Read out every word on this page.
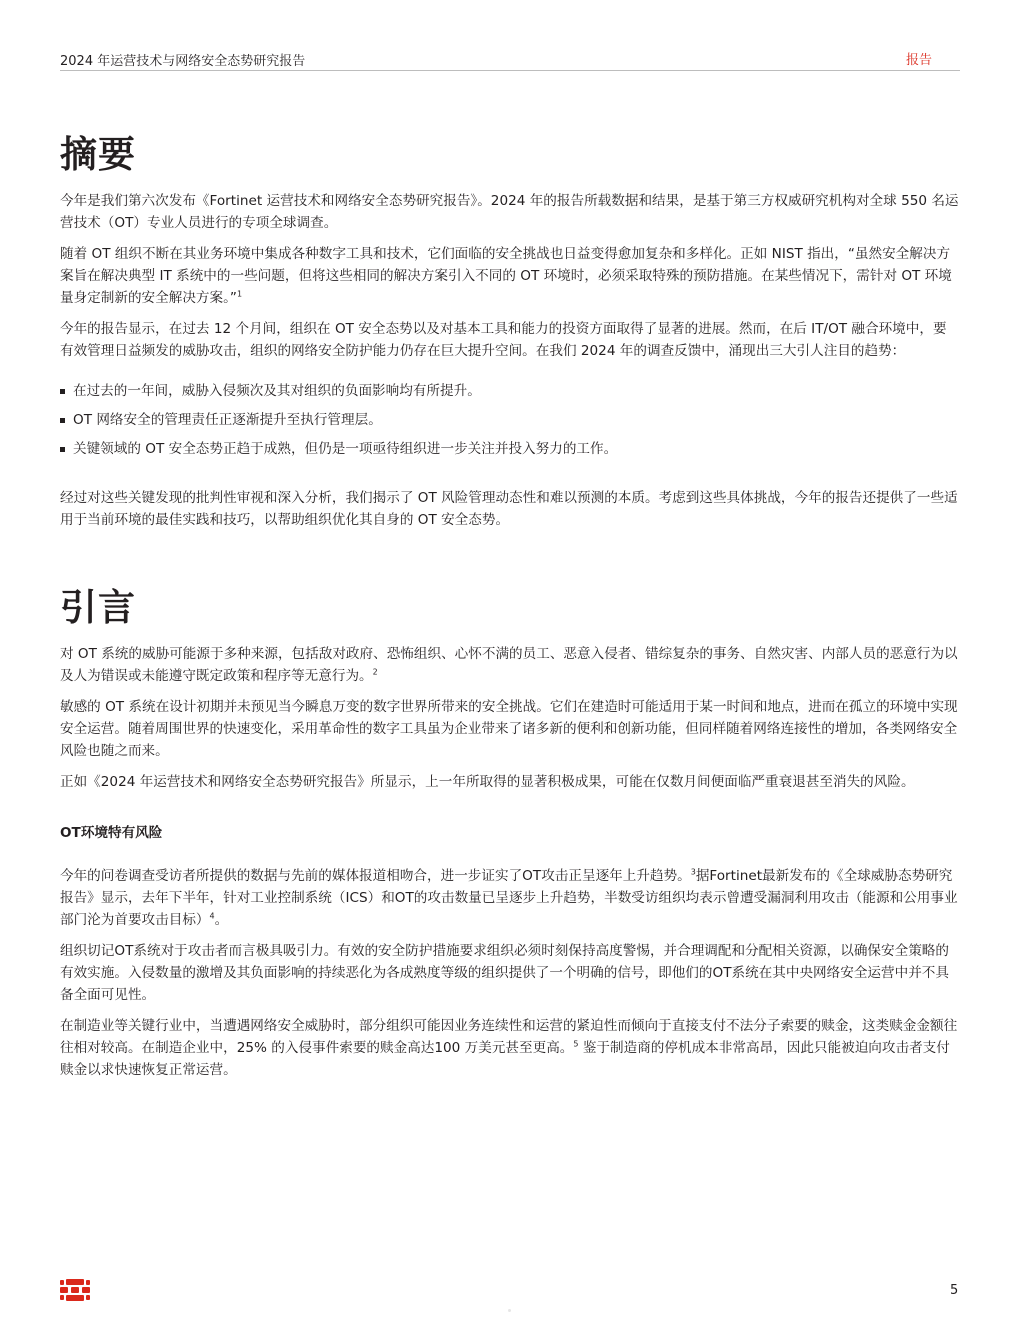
2024 年运营技术与网络安全态势研究报告	报告
摘要

今年是我们第六次发布《Fortinet 运营技术和网络安全态势研究报告》。2024 年的报告所载数据和结果，是基于第三方权威研究机构对全球 550 名运营技术（OT）专业人员进行的专项全球调查。

随着 OT 组织不断在其业务环境中集成各种数字工具和技术，它们面临的安全挑战也日益变得愈加复杂和多样化。正如 NIST 指出，“虽然安全解决方案旨在解决典型 IT 系统中的一些问题，但将这些相同的解决方案引入不同的 OT 环境时，必须采取特殊的预防措施。在某些情况下，需针对 OT 环境量身定制新的安全解决方案。”$^1$

今年的报告显示，在过去 12 个月间，组织在 OT 安全态势以及对基本工具和能力的投资方面取得了显著的进展。然而，在后 IT/OT 融合环境中，要有效管理日益频发的威胁攻击，组织的网络安全防护能力仍存在巨大提升空间。在我们 2024 年的调查反馈中，涌现出三大引人注目的趋势：

在过去的一年间，威胁入侵频次及其对组织的负面影响均有所提升。
OT 网络安全的管理责任正逐渐提升至执行管理层。
关键领域的 OT 安全态势正趋于成熟，但仍是一项亟待组织进一步关注并投入努力的工作。

经过对这些关键发现的批判性审视和深入分析，我们揭示了 OT 风险管理动态性和难以预测的本质。考虑到这些具体挑战，今年的报告还提供了一些适用于当前环境的最佳实践和技巧，以帮助组织优化其自身的 OT 安全态势。

引言

对 OT 系统的威胁可能源于多种来源，包括敌对政府、恐怖组织、心怀不满的员工、恶意入侵者、错综复杂的事务、自然灾害、内部人员的恶意行为以及人为错误或未能遵守既定政策和程序等无意行为。$^2$

敏感的 OT 系统在设计初期并未预见当今瞬息万变的数字世界所带来的安全挑战。它们在建造时可能适用于某一时间和地点，进而在孤立的环境中实现安全运营。随着周围世界的快速变化，采用革命性的数字工具虽为企业带来了诸多新的便利和创新功能，但同样随着网络连接性的增加，各类网络安全风险也随之而来。

正如《2024 年运营技术和网络安全态势研究报告》所显示，上一年所取得的显著积极成果，可能在仅数月间便面临严重衰退甚至消失的风险。

OT环境特有风险

今年的问卷调查受访者所提供的数据与先前的媒体报道相吻合，进一步证实了OT攻击正呈逐年上升趋势。$^3$据Fortinet最新发布的《全球威胁态势研究报告》显示，去年下半年，针对工业控制系统（ICS）和OT的攻击数量已呈逐步上升趋势，半数受访组织均表示曾遭受漏洞利用攻击（能源和公用事业部门沦为首要攻击目标）$^4$。

组织切记OT系统对于攻击者而言极具吸引力。有效的安全防护措施要求组织必须时刻保持高度警惕，并合理调配和分配相关资源，以确保安全策略的有效实施。入侵数量的激增及其负面影响的持续恶化为各成熟度等级的组织提供了一个明确的信号，即他们的OT系统在其中央网络安全运营中并不具备全面可见性。

在制造业等关键行业中，当遭遇网络安全威胁时，部分组织可能因业务连续性和运营的紧迫性而倾向于直接支付不法分子索要的赎金，这类赎金金额往往相对较高。在制造企业中，25% 的入侵事件索要的赎金高达100 万美元甚至更高。$^5$ 鉴于制造商的停机成本非常高昂，因此只能被迫向攻击者支付赎金以求快速恢复正常运营。

5
